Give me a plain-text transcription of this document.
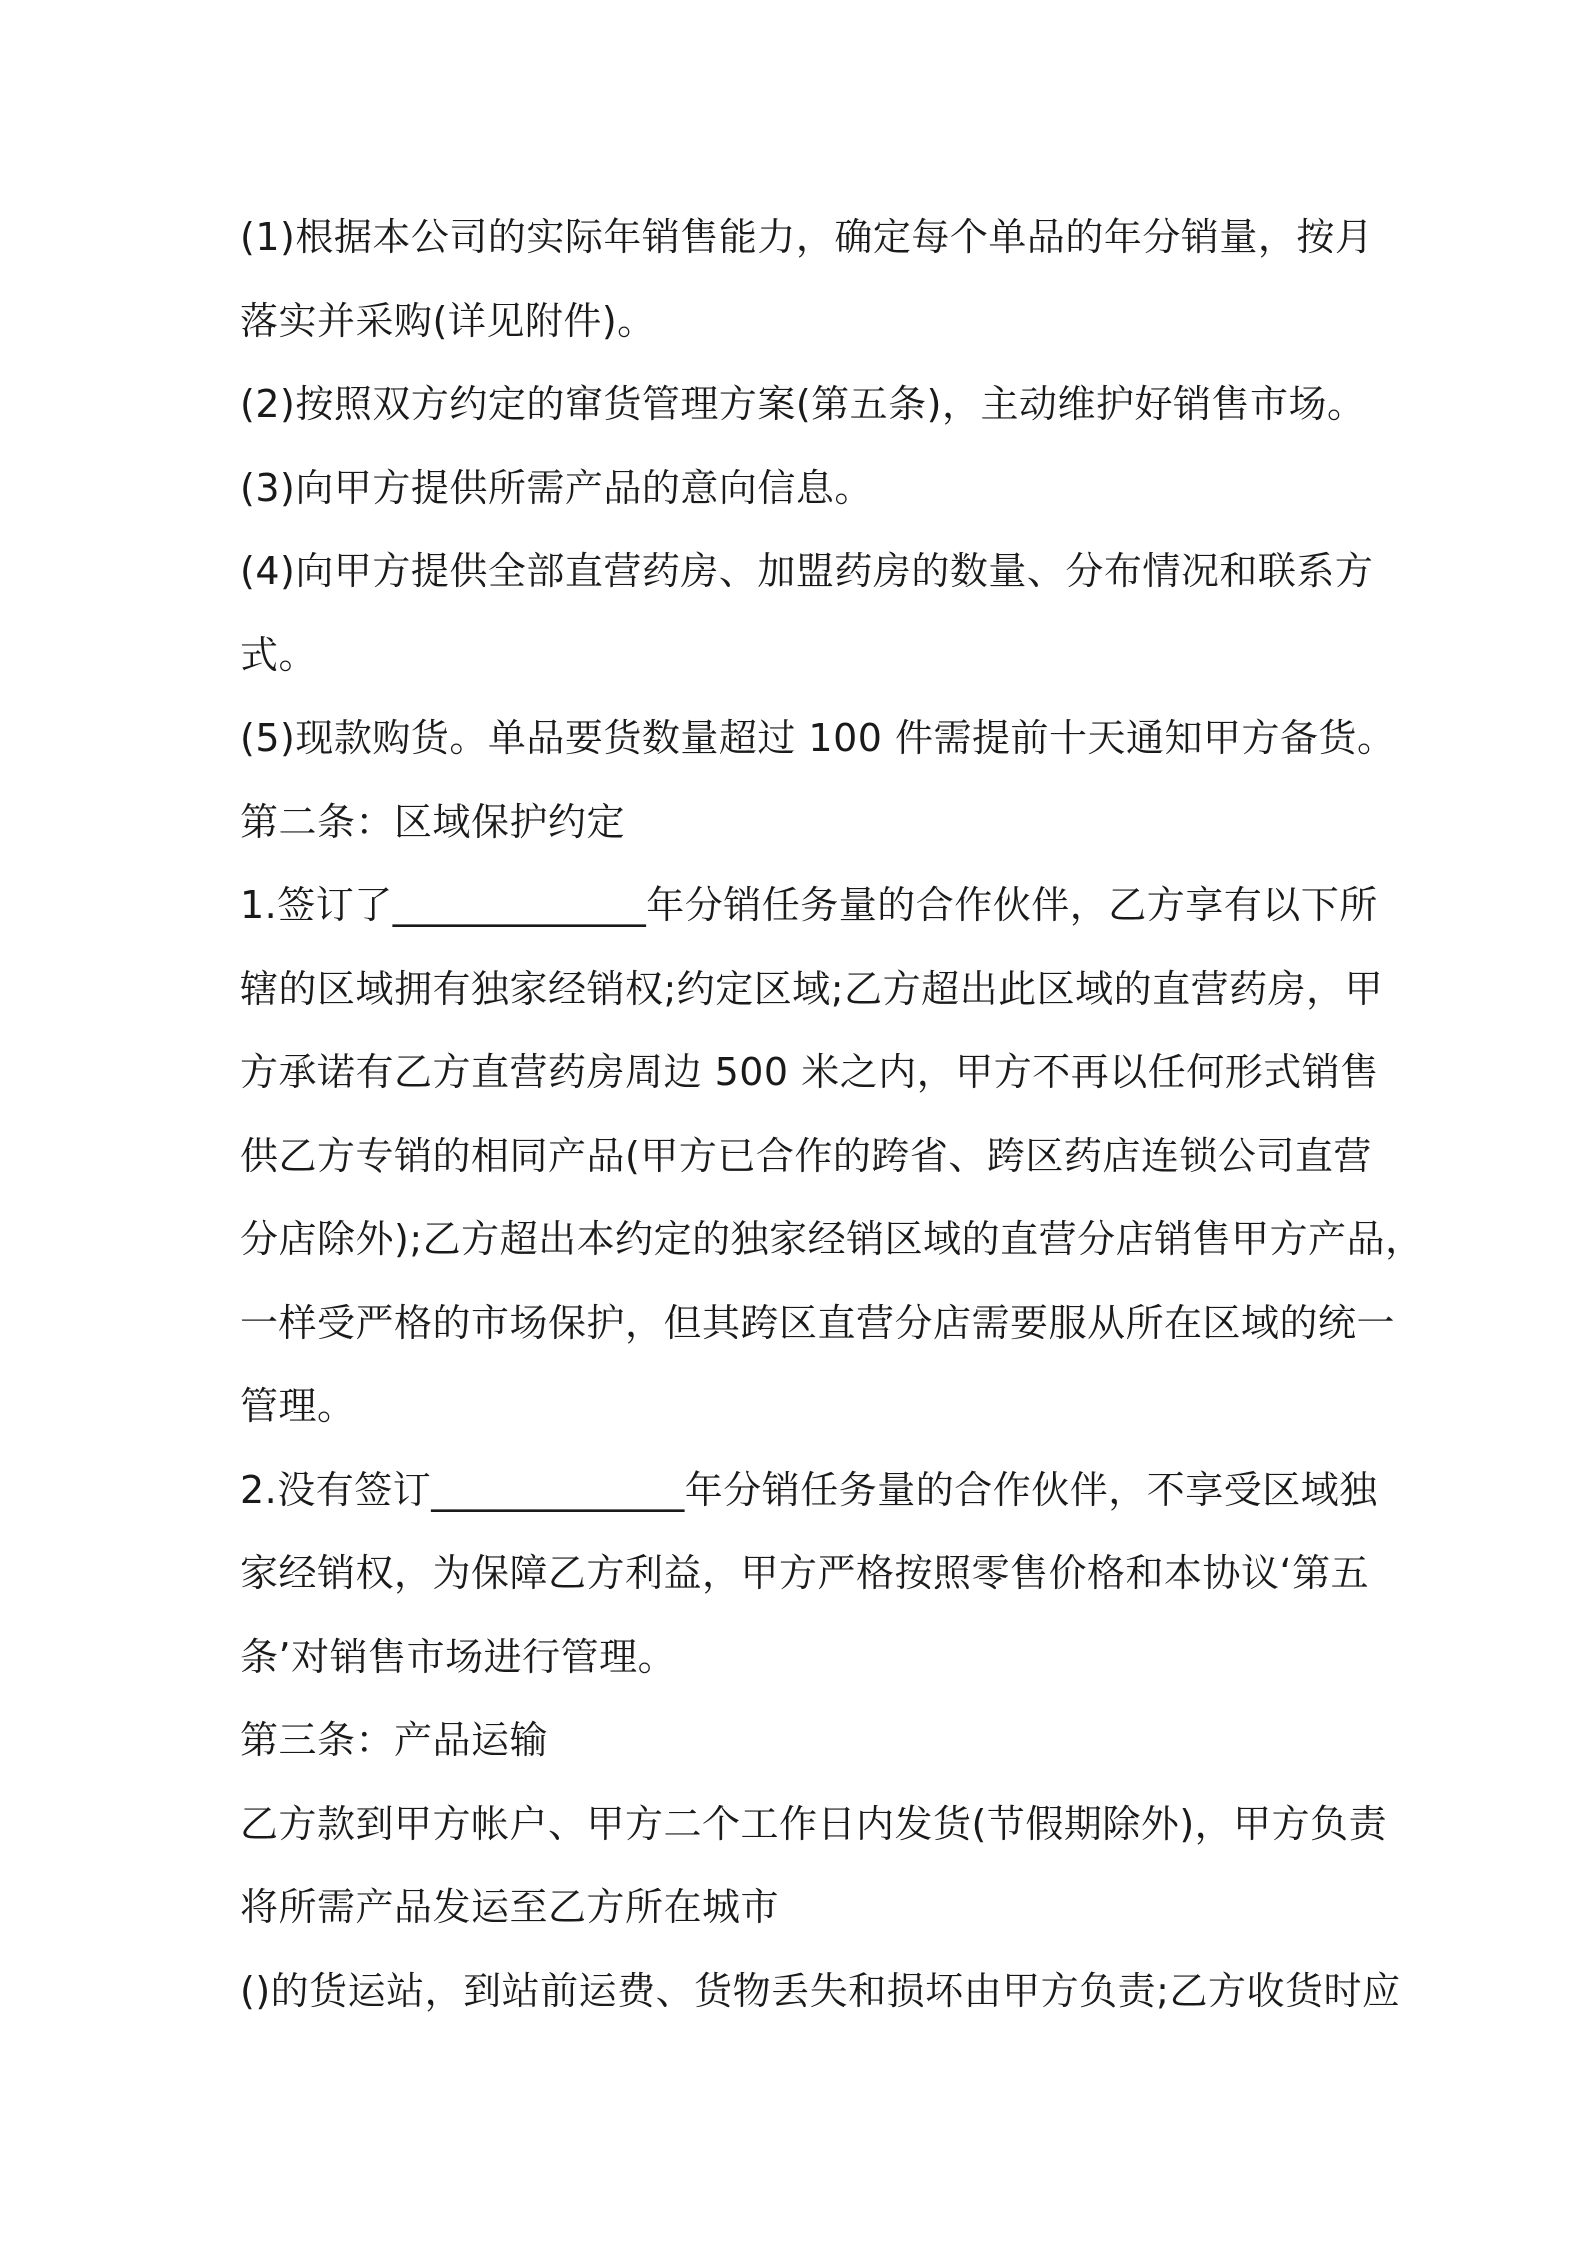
(1)根据本公司的实际年销售能力，确定每个单品的年分销量，按月
落实并采购(详见附件)。
(2)按照双方约定的窜货管理方案(第五条)，主动维护好销售市场。
(3)向甲方提供所需产品的意向信息。
(4)向甲方提供全部直营药房、加盟药房的数量、分布情况和联系方
式。
(5)现款购货。单品要货数量超过 100 件需提前十天通知甲方备货。
第二条：区域保护约定
1.签订了_____________年分销任务量的合作伙伴，乙方享有以下所
辖的区域拥有独家经销权;约定区域;乙方超出此区域的直营药房，甲
方承诺有乙方直营药房周边 500 米之内，甲方不再以任何形式销售
供乙方专销的相同产品(甲方已合作的跨省、跨区药店连锁公司直营
分店除外);乙方超出本约定的独家经销区域的直营分店销售甲方产品，
一样受严格的市场保护，但其跨区直营分店需要服从所在区域的统一
管理。
2.没有签订_____________年分销任务量的合作伙伴，不享受区域独
家经销权，为保障乙方利益，甲方严格按照零售价格和本协议‘第五
条’对销售市场进行管理。
第三条：产品运输
乙方款到甲方帐户、甲方二个工作日内发货(节假期除外)，甲方负责
将所需产品发运至乙方所在城市
()的货运站，到站前运费、货物丢失和损坏由甲方负责;乙方收货时应
